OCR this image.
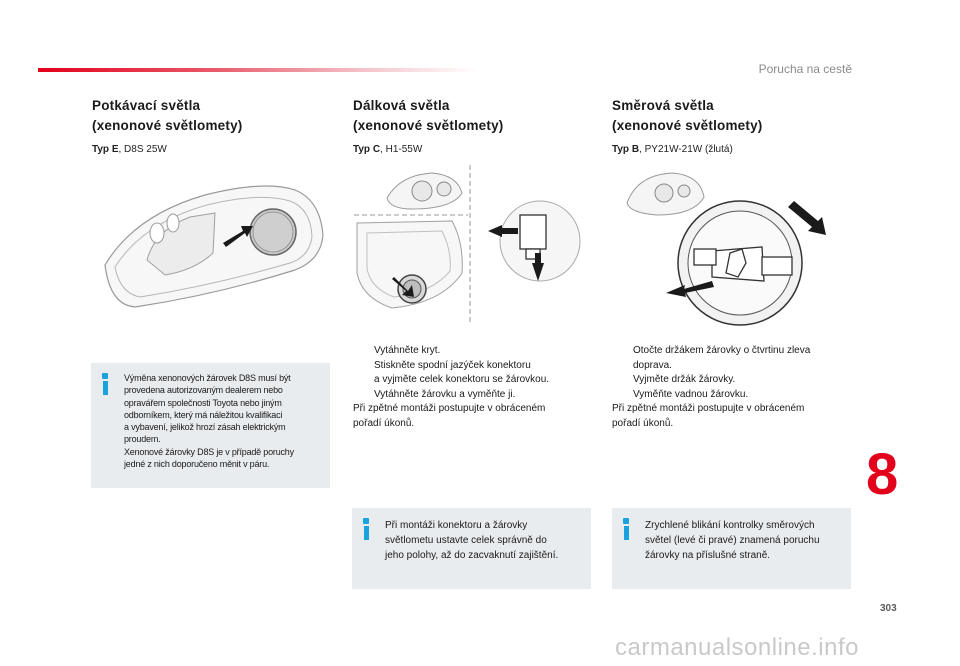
Porucha na cestě
Potkávací světla
(xenonové světlomety)
Typ E, D8S 25W
Dálková světla
(xenonové světlomety)
Typ C, H1-55W
Směrová světla
(xenonové světlomety)
Typ B, PY21W-21W (žlutá)
Výměna xenonových žárovek D8S musí být
provedena autorizovaným dealerem nebo
opravářem společnosti Toyota nebo jiným
odborníkem, který má náležitou kvalifikaci
a vybavení, jelikož hrozí zásah elektrickým
proudem.
Xenonové žárovky D8S je v případě poruchy
jedné z nich doporučeno měnit v páru.
Vytáhněte kryt.
Stiskněte spodní jazýček konektoru
a vyjměte celek konektoru se žárovkou.
Vytáhněte žárovku a vyměňte ji.
Při zpětné montáži postupujte v obráceném
pořadí úkonů.
Otočte držákem žárovky o čtvrtinu zleva
doprava.
Vyjměte držák žárovky.
Vyměňte vadnou žárovku.
Při zpětné montáži postupujte v obráceném
pořadí úkonů.
Při montáži konektoru a žárovky
světlometu ustavte celek správně do
jeho polohy, až do zacvaknutí zajištění.
Zrychlené blikání kontrolky směrových
světel (levé či pravé) znamená poruchu
žárovky na příslušné straně.
8
303
carmanualsonline.info
